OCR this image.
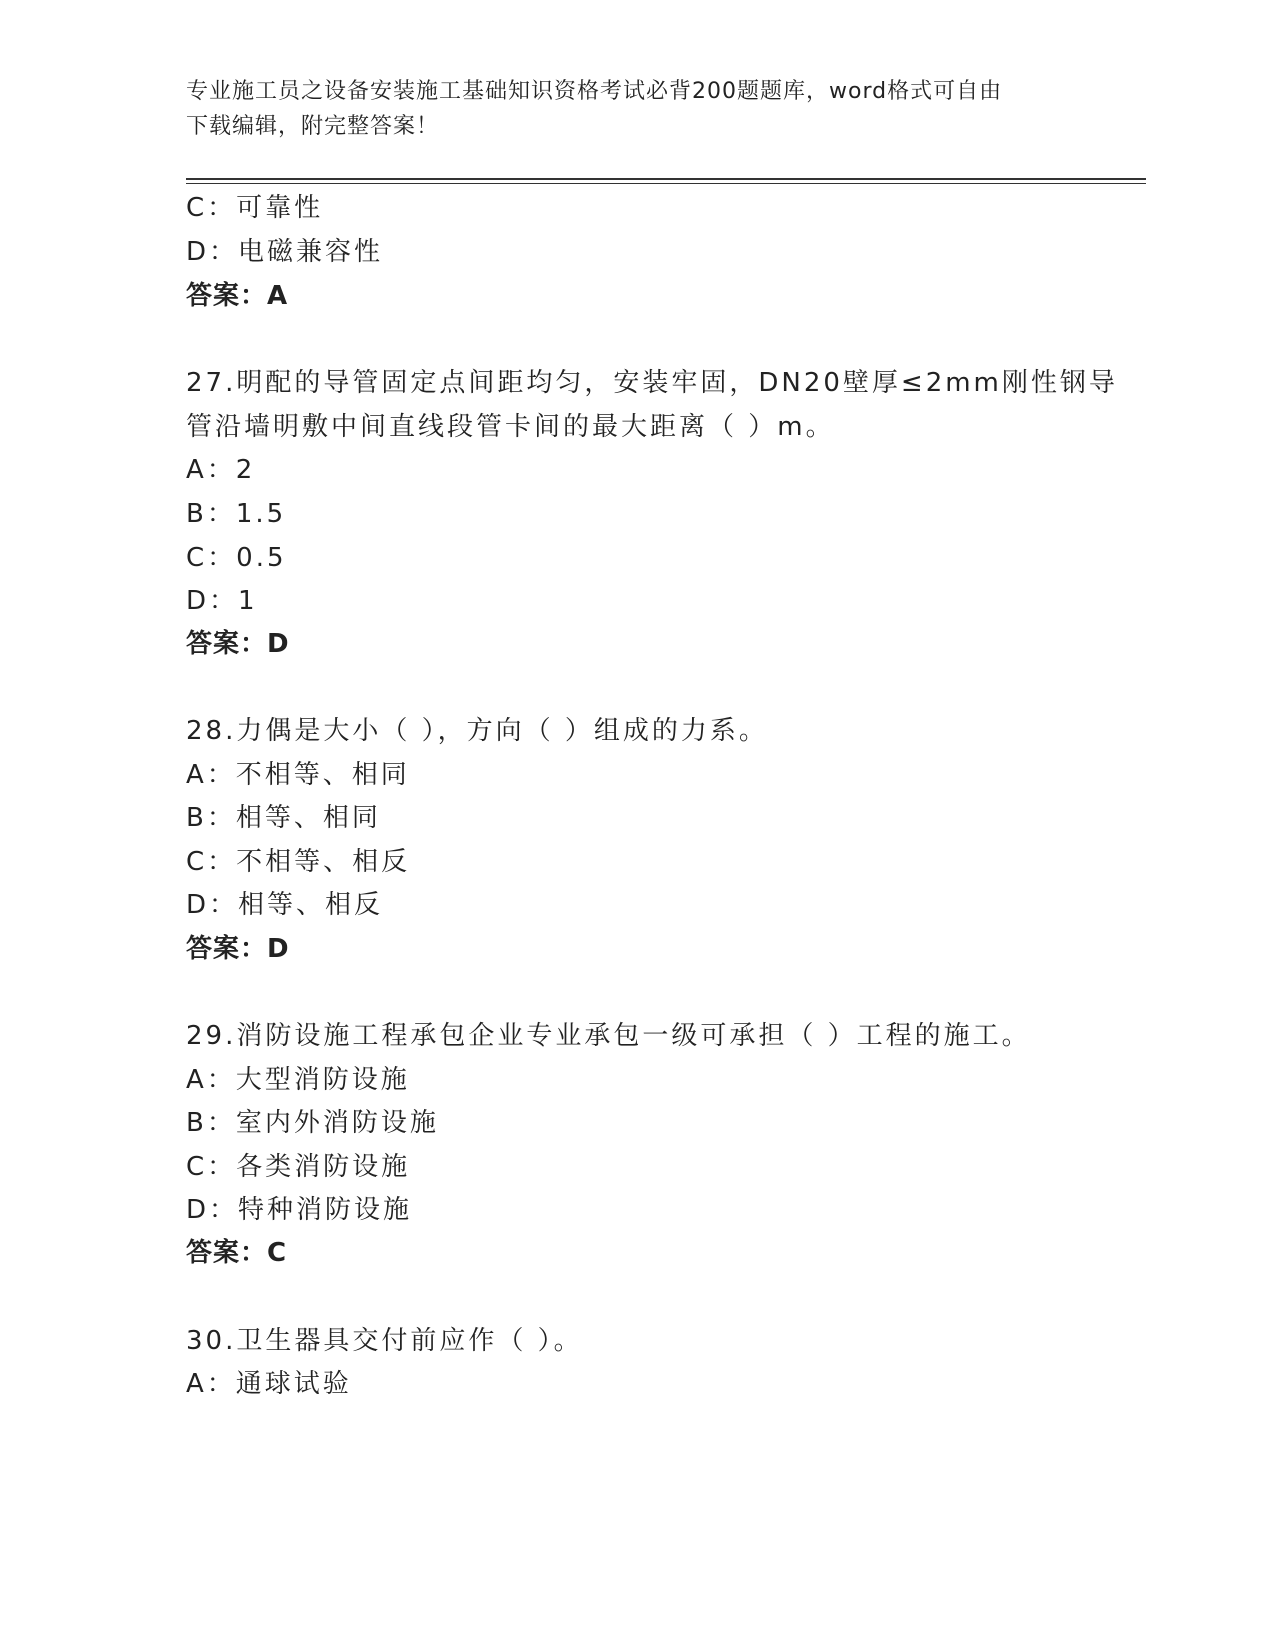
专业施工员之设备安装施工基础知识资格考试必背200题题库，word格式可自由
下载编辑，附完整答案！
C：可靠性
D：电磁兼容性
答案：A
27.明配的导管固定点间距均匀，安装牢固，DN20壁厚≤2mm刚性钢导
管沿墙明敷中间直线段管卡间的最大距离（ ）m。
A：2
B：1.5
C：0.5
D：1
答案：D
28.力偶是大小（ ），方向（ ）组成的力系。
A：不相等、相同
B：相等、相同
C：不相等、相反
D：相等、相反
答案：D
29.消防设施工程承包企业专业承包一级可承担（ ）工程的施工。
A：大型消防设施
B：室内外消防设施
C：各类消防设施
D：特种消防设施
答案：C
30.卫生器具交付前应作（ ）。
A：通球试验
